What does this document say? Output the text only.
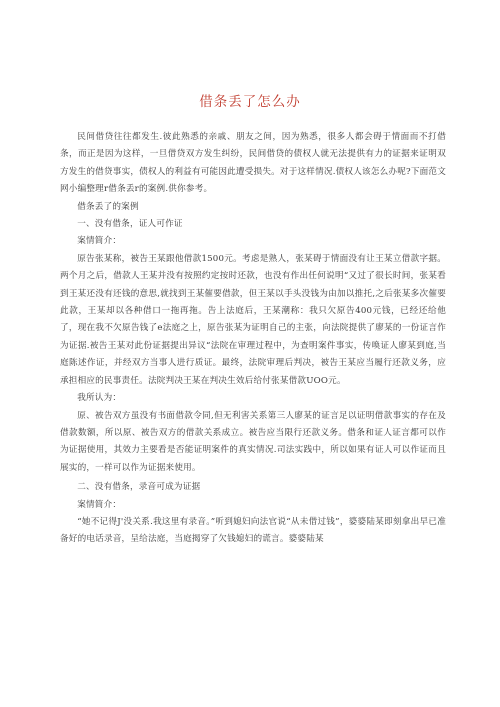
借条丢了怎么办

民间借贷往往都发生.彼此熟悉的亲戚、朋友之间，因为熟悉，很多人都会碍于情面而不打借条，而正是因为这样，一旦借贷双方发生纠纷，民间借贷的债权人就无法提供有力的证据来证明双方发生的借贷事实，债权人的利益有可能因此遭受损失。对于这样情况.债权人该怎么办呢?下面范文网小编整理r借条丢r的案例.供你参考。

借条丢了的案例

一、没有借条，证人可作证

案情简介：

原告张某称，被告王某跟他借款1500元。考虑是熟人，张某碍于情面没有让王某立借款字据。两个月之后，借款人王某并没有按照约定按时还款，也没有作出任何说明“又过了很长时间，张某看到王某还没有还钱的意思,就找到王某催要借款，但王某以手头没钱为由加以推托,之后张某多次催要此款，王某却以各种借口一拖再拖。告上法庭后，王某潮称：我只欠原告400元钱，已经还给他了，现在我不欠原告钱了e法庭之上，原告张某为证明自己的主张，向法院提供了廖某的一份证言作为证据.被告王某对此份证据提出异议“法院在审理过程中，为查明案件事实，传唤证人廖某到庭,当庭陈述作证，并经双方当事人进行质证。最终，法院审理后判决，被告王某应当履行还款义务，应承担相应的民事责任。法院判决王某在判决生效后给付张某借款UOO元。

我所认为：

原、被告双方虽没有书面借款令同,但无利害关系第三人廖某的证言足以证明借款事实的存在及借款数额，所以原、被告双方的借款关系成立。被告应当限行还款义务。借条和证人证言都可以作为证据使用，其效力主要看是否能证明案件的真实情况.司法实践中，所以如果有证人可以作证而且展实的，一样可以作为证据来使用。

二、没有借条，录音可成为证据

案情简介：

“她不记得J'没关系.我这里有录音。”听到媳妇向法官说“从未借过钱”，婆婆陆某即刻拿出早已准备好的电话录音，呈给法庭，当庭揭穿了欠钱媳妇的谎言。婆婆陆某
